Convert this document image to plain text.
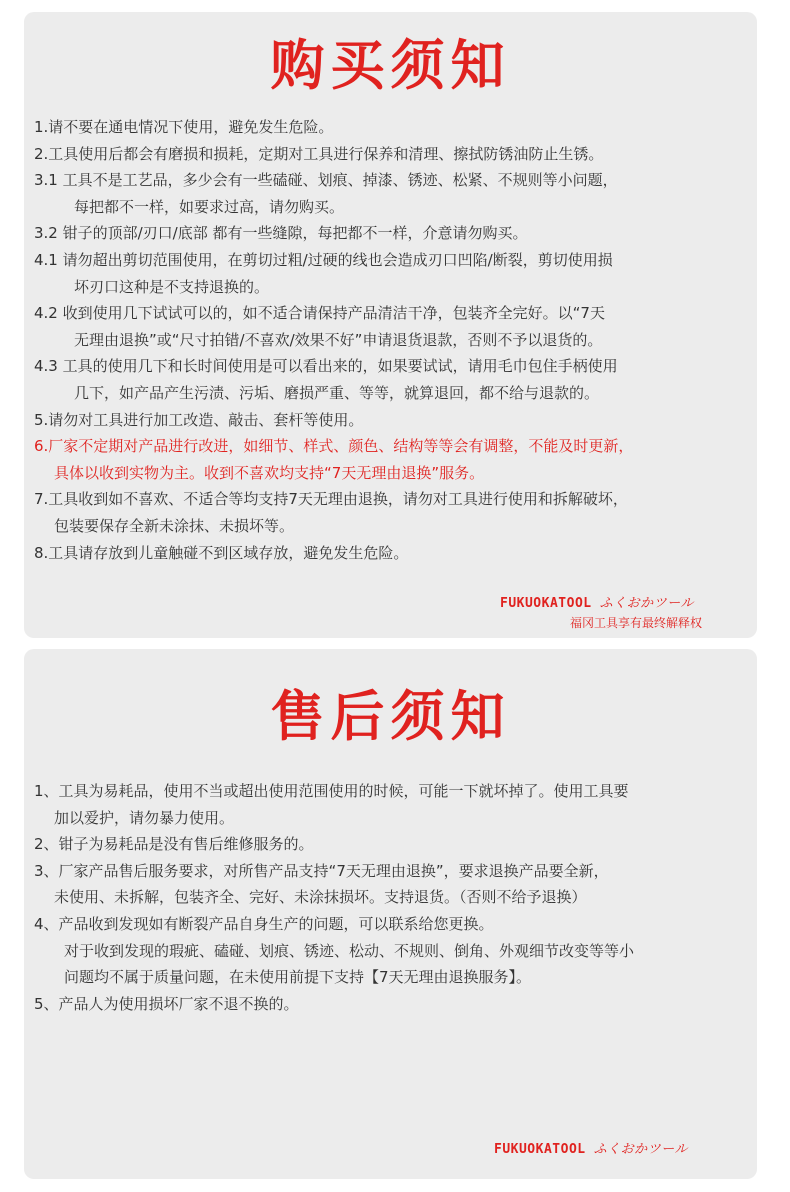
购买须知
1.请不要在通电情况下使用，避免发生危险。
2.工具使用后都会有磨损和损耗，定期对工具进行保养和清理、擦拭防锈油防止生锈。
3.1 工具不是工艺品，多少会有一些磕碰、划痕、掉漆、锈迹、松紧、不规则等小问题，
每把都不一样，如要求过高，请勿购买。
3.2 钳子的顶部/刃口/底部 都有一些缝隙，每把都不一样，介意请勿购买。
4.1 请勿超出剪切范围使用，在剪切过粗/过硬的线也会造成刃口凹陷/断裂，剪切使用损
坏刃口这种是不支持退换的。
4.2 收到使用几下试试可以的，如不适合请保持产品清洁干净，包装齐全完好。以“7天
无理由退换”或“尺寸拍错/不喜欢/效果不好”申请退货退款，否则不予以退货的。
4.3 工具的使用几下和长时间使用是可以看出来的，如果要试试，请用毛巾包住手柄使用
几下，如产品产生污渍、污垢、磨损严重、等等，就算退回，都不给与退款的。
5.请勿对工具进行加工改造、敲击、套杆等使用。
6.厂家不定期对产品进行改进，如细节、样式、颜色、结构等等会有调整，不能及时更新，
具体以收到实物为主。收到不喜欢均支持“7天无理由退换”服务。
7.工具收到如不喜欢、不适合等均支持7天无理由退换，请勿对工具进行使用和拆解破坏，
包装要保存全新未涂抹、未损坏等。
8.工具请存放到儿童触碰不到区域存放，避免发生危险。
FUKUOKATOOL ふくおかツール
福冈工具享有最终解释权
售后须知
1、工具为易耗品，使用不当或超出使用范围使用的时候，可能一下就坏掉了。使用工具要
加以爱护，请勿暴力使用。
2、钳子为易耗品是没有售后维修服务的。
3、厂家产品售后服务要求，对所售产品支持“7天无理由退换”，要求退换产品要全新，
未使用、未拆解，包装齐全、完好、未涂抹损坏。支持退货。（否则不给予退换）
4、产品收到发现如有断裂产品自身生产的问题，可以联系给您更换。
对于收到发现的瑕疵、磕碰、划痕、锈迹、松动、不规则、倒角、外观细节改变等等小
问题均不属于质量问题，在未使用前提下支持【7天无理由退换服务】。
5、产品人为使用损坏厂家不退不换的。
FUKUOKATOOL ふくおかツール
